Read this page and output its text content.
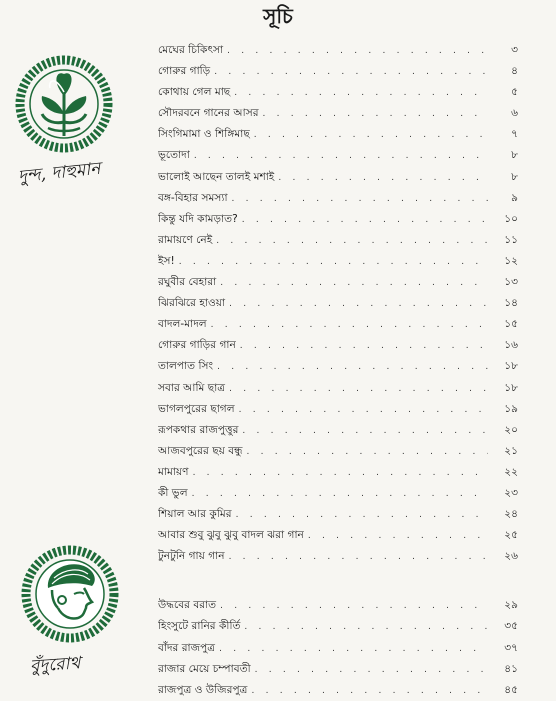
সূচি
মেঘের চিকিৎসা . . .	৩
গোরুর গাড়ি . . .	৪
কোথায় গেল মাছ . . .	৫
সৌদরবনে গানের আসর . . .	৬
সিংগিমামা ও শিঙ্গিমাছ . . .	৭
ভূতোদা . . .	৮
ভালোই আছেন তালই মশাই . . .	৮
বঙ্গ-বিহার সমস্যা . . .	৯
কিন্তু যদি কামড়াত? . . .	১০
রামায়ণে নেই . . .	১১
ইস! . . .	১২
রঘুবীর বেহারা . . .	১৩
ঝিরঝিরে হাওয়া . . .	১৪
বাদল-মাদল . . .	১৫
গোরুর গাড়ির গান . . .	১৬
তালপাত সিং . . .	১৮
সবার আমি ছাত্র . . .	১৮
ভাগলপুরের ছাগল . . .	১৯
রূপকথার রাজপুত্তুর . . .	২০
আজবপুরের ছয় বন্ধু . . .	২১
মামায়ণ . . .	২২
কী ভুল . . .	২৩
শিয়াল আর কুমির . . .	২৪
আবার শুবু ঝুবু ঝুবু বাদল ঝরা গান . . .	২৫
টুনটুনি গায় গান . . .	২৬
উদ্ধবের বরাত . . .	২৯
হিংসুটে রানির কীর্তি . . .	৩৫
বাঁদর রাজপুত্র . . .	৩৭
রাজার মেয়ে চম্পাবতী . . .	৪১
রাজপুত্র ও উজিরপুত্র . . .	৪৫
দুন্দ, দাহুমান
বুঁদুরোথ
